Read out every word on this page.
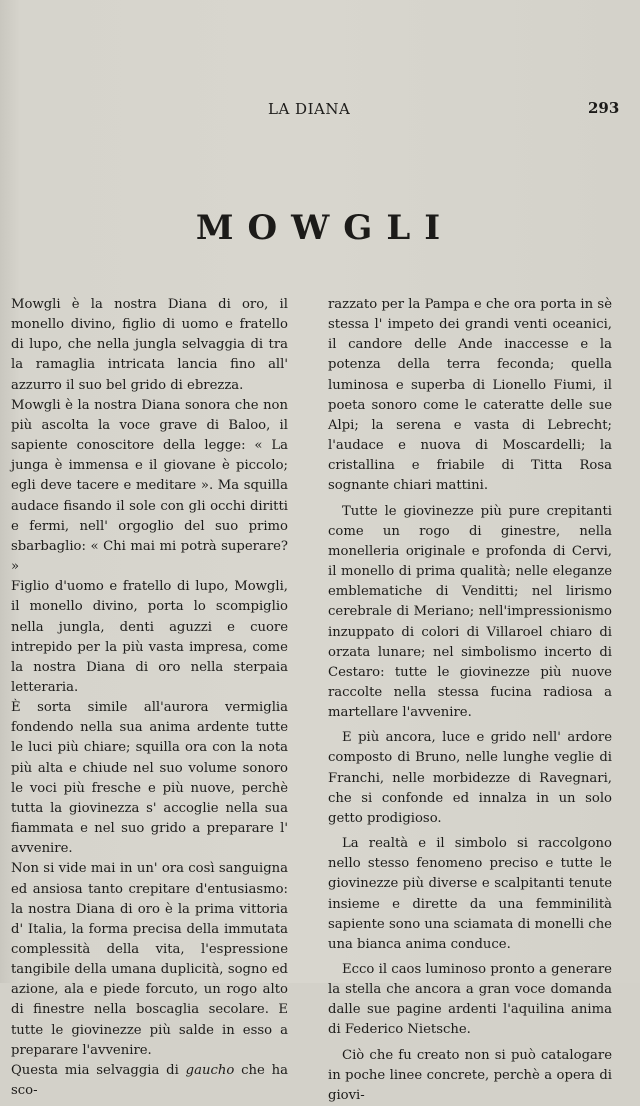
LA DIANA	293
MOWGLI

Mowgli è la nostra Diana di oro, il monello divino, figlio di uomo e fratello di lupo, che nella jungla selvaggia di tra la ramaglia intricata lancia fino all' azzurro il suo bel grido di ebrezza.

Mowgli è la nostra Diana sonora che non più ascolta la voce grave di Baloo, il sapiente conoscitore della legge: « La junga è immensa e il giovane è piccolo; egli deve tacere e meditare ». Ma squilla audace fisando il sole con gli occhi diritti e fermi, nell' orgoglio del suo primo sbarbaglio: « Chi mai mi potrà superare? »

Figlio d'uomo e fratello di lupo, Mowgli, il monello divino, porta lo scompiglio nella jungla, denti aguzzi e cuore intrepido per la più vasta impresa, come la nostra Diana di oro nella sterpaia letteraria.

È sorta simile all'aurora vermiglia fondendo nella sua anima ardente tutte le luci più chiare; squilla ora con la nota più alta e chiude nel suo volume sonoro le voci più fresche e più nuove, perchè tutta la giovinezza s' accoglie nella sua fiammata e nel suo grido a preparare l' avvenire.

Non si vide mai in un' ora così sanguigna ed ansiosa tanto crepitare d'entusiasmo: la nostra Diana di oro è la prima vittoria d' Italia, la forma precisa della immutata complessità della vita, l'espressione tangibile della umana duplicità, sogno ed azione, ala e piede forcuto, un rogo alto di finestre nella boscaglia secolare. E tutte le giovinezze più salde in esso a preparare l'avvenire.

Questa mia selvaggia di gaucho che ha sco-

razzato per la Pampa e che ora porta in sè stessa l' impeto dei grandi venti oceanici, il candore delle Ande inaccesse e la potenza della terra feconda; quella luminosa e superba di Lionello Fiumi, il poeta sonoro come le cateratte delle sue Alpi; la serena e vasta di Lebrecht; l'audace e nuova di Moscardelli; la cristallina e friabile di Titta Rosa sognante chiari mattini.

Tutte le giovinezze più pure crepitanti come un rogo di ginestre, nella monelleria originale e profonda di Cervi, il monello di prima qualità; nelle eleganze emblematiche di Venditti; nel lirismo cerebrale di Meriano; nell'impressionismo inzuppato di colori di Villaroel chiaro di orzata lunare; nel simbolismo incerto di Cestaro: tutte le giovinezze più nuove raccolte nella stessa fucina radiosa a martellare l'avvenire.

E più ancora, luce e grido nell' ardore composto di Bruno, nelle lunghe veglie di Franchi, nelle morbidezze di Ravegnari, che si confonde ed innalza in un solo getto prodigioso.

La realtà e il simbolo si raccolgono nello stesso fenomeno preciso e tutte le giovinezze più diverse e scalpitanti tenute insieme e dirette da una femminilità sapiente sono una sciamata di monelli che una bianca anima conduce.

Ecco il caos luminoso pronto a generare la stella che ancora a gran voce domanda dalle sue pagine ardenti l'aquilina anima di Federico Nietsche.

Ciò che fu creato non si può catalogare in poche linee concrete, perchè a opera di giovi-
